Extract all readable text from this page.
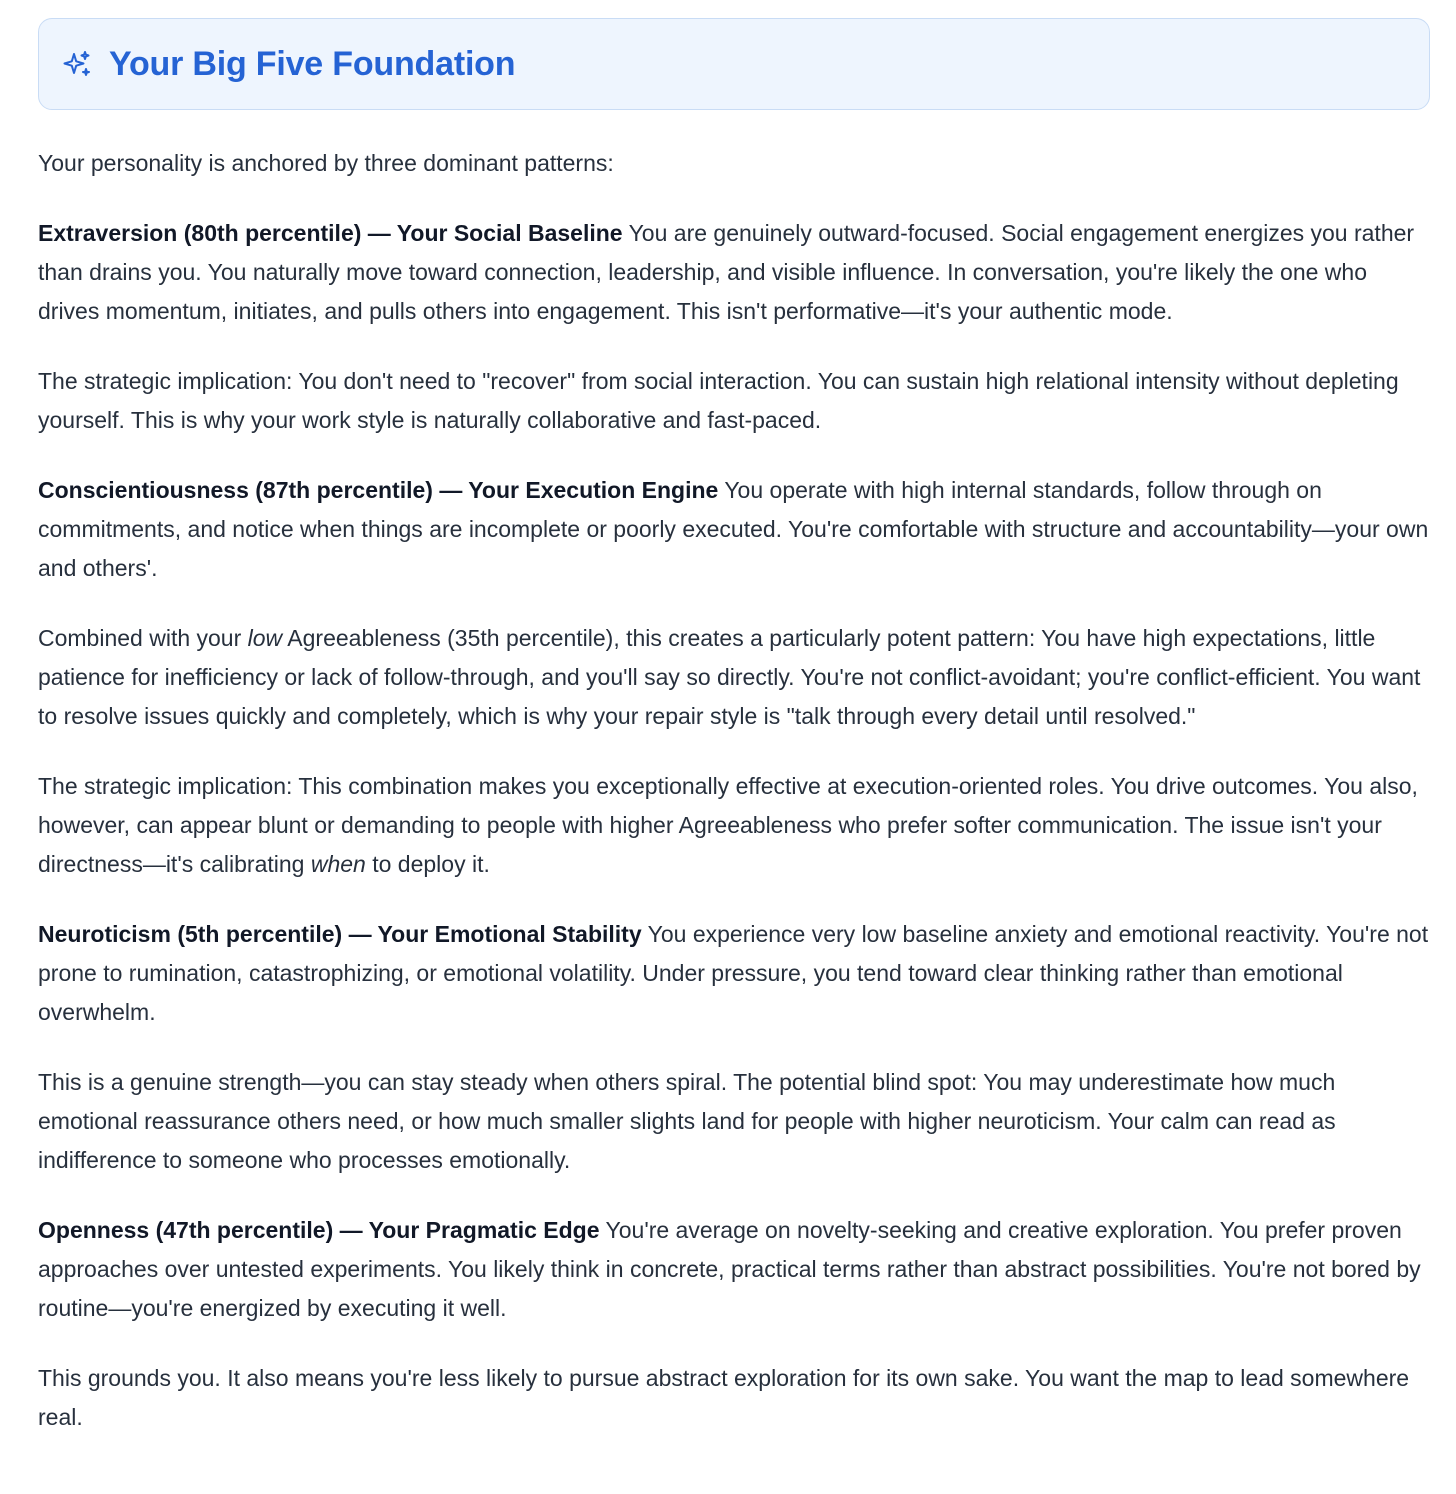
Your Big Five Foundation

Your personality is anchored by three dominant patterns:

Extraversion (80th percentile) — Your Social Baseline You are genuinely outward-focused. Social engagement energizes you rather than drains you. You naturally move toward connection, leadership, and visible influence. In conversation, you're likely the one who drives momentum, initiates, and pulls others into engagement. This isn't performative—it's your authentic mode.

The strategic implication: You don't need to "recover" from social interaction. You can sustain high relational intensity without depleting yourself. This is why your work style is naturally collaborative and fast-paced.

Conscientiousness (87th percentile) — Your Execution Engine You operate with high internal standards, follow through on commitments, and notice when things are incomplete or poorly executed. You're comfortable with structure and accountability—your own and others'.

Combined with your low Agreeableness (35th percentile), this creates a particularly potent pattern: You have high expectations, little patience for inefficiency or lack of follow-through, and you'll say so directly. You're not conflict-avoidant; you're conflict-efficient. You want to resolve issues quickly and completely, which is why your repair style is "talk through every detail until resolved."

The strategic implication: This combination makes you exceptionally effective at execution-oriented roles. You drive outcomes. You also, however, can appear blunt or demanding to people with higher Agreeableness who prefer softer communication. The issue isn't your directness—it's calibrating when to deploy it.

Neuroticism (5th percentile) — Your Emotional Stability You experience very low baseline anxiety and emotional reactivity. You're not prone to rumination, catastrophizing, or emotional volatility. Under pressure, you tend toward clear thinking rather than emotional overwhelm.

This is a genuine strength—you can stay steady when others spiral. The potential blind spot: You may underestimate how much emotional reassurance others need, or how much smaller slights land for people with higher neuroticism. Your calm can read as indifference to someone who processes emotionally.

Openness (47th percentile) — Your Pragmatic Edge You're average on novelty-seeking and creative exploration. You prefer proven approaches over untested experiments. You likely think in concrete, practical terms rather than abstract possibilities. You're not bored by routine—you're energized by executing it well.

This grounds you. It also means you're less likely to pursue abstract exploration for its own sake. You want the map to lead somewhere real.
